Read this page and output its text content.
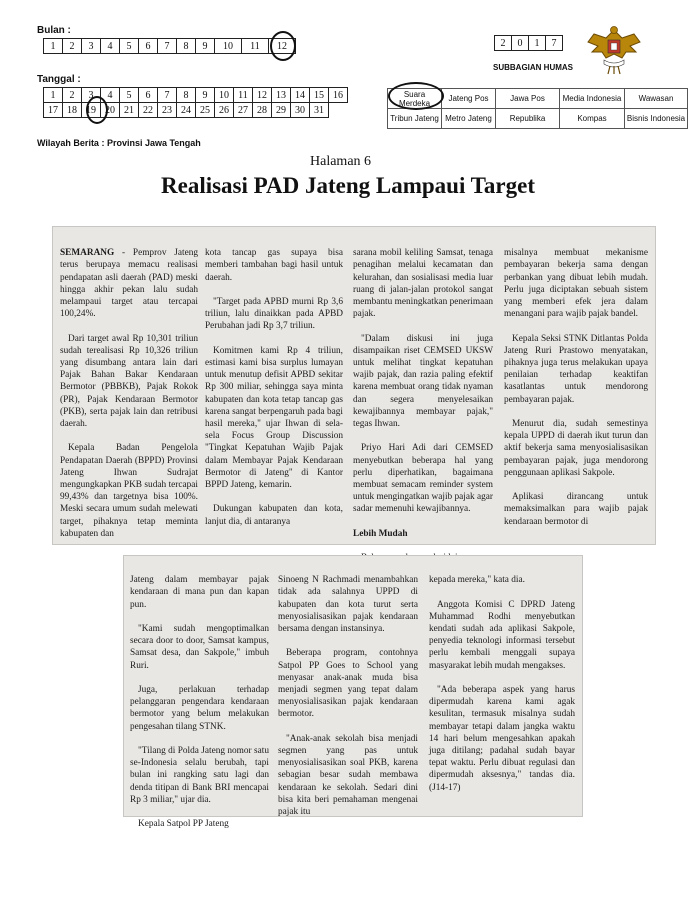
Bulan :
1	2	3	4	5	6	7	8	9	10	11	12
Tanggal :
1	2	3	4	5	6	7	8	9	10	11	12	13	14	15	16
17	18	19	20	21	22	23	24	25	26	27	28	29	30	31	
2	0	1	7
SUBBAGIAN HUMAS
Suara Merdeka	Jateng Pos	Jawa Pos	Media Indonesia	Wawasan
Tribun Jateng	Metro Jateng	Republika	Kompas	Bisnis Indonesia
Wilayah Berita : Provinsi Jawa Tengah
Halaman 6
Realisasi PAD Jateng Lampaui Target

SEMARANG - Pemprov Jateng terus berupaya memacu realisasi pendapatan asli daerah (PAD) meski hingga akhir pekan lalu sudah melampaui target atau tercapai 100,24%.

Dari target awal Rp 10,301 triliun sudah terealisasi Rp 10,326 triliun yang disumbang antara lain dari Pajak Bahan Bakar Kendaraan Bermotor (PBBKB), Pajak Rokok (PR), Pajak Kendaraan Bermotor (PKB), serta pajak lain dan retribusi daerah.

Kepala Badan Pengelola Pendapatan Daerah (BPPD) Provinsi Jateng Ihwan Sudrajat mengungkapkan PKB sudah tercapai 99,43% dan targetnya bisa 100%. Meski secara umum sudah melewati target, pihaknya tetap meminta kabupaten dan

kota tancap gas supaya bisa memberi tambahan bagi hasil untuk daerah.

"Target pada APBD murni Rp 3,6 triliun, lalu dinaikkan pada APBD Perubahan jadi Rp 3,7 triliun.

Komitmen kami Rp 4 triliun, estimasi kami bisa surplus lumayan untuk menutup defisit APBD sekitar Rp 300 miliar, sehingga saya minta kabupaten dan kota tetap tancap gas karena sangat berpengaruh pada bagi hasil mereka," ujar Ihwan di sela-sela Focus Group Discussion "Tingkat Kepatuhan Wajib Pajak dalam Membayar Pajak Kendaraan Bermotor di Jateng" di Kantor BPPD Jateng, kemarin.

Dukungan kabupaten dan kota, lanjut dia, di antaranya

sarana mobil keliling Samsat, tenaga penagihan melalui kecamatan dan kelurahan, dan sosialisasi media luar ruang di jalan-jalan protokol sangat membantu meningkatkan penerimaan pajak.

"Dalam diskusi ini juga disampaikan riset CEMSED UKSW untuk melihat tingkat kepatuhan wajib pajak, dan razia paling efektif karena membuat orang tidak nyaman dan segera menyelesaikan kewajibannya membayar pajak," tegas Ihwan.

Priyo Hari Adi dari CEMSED menyebutkan beberapa hal yang perlu diperhatikan, bagaimana membuat semacam reminder system untuk mengingatkan wajib pajak agar sadar memenuhi kewajibannya.

Lebih Mudah

misalnya membuat mekanisme pembayaran bekerja sama dengan perbankan yang dibuat lebih mudah. Perlu juga diciptakan sebuah sistem yang memberi efek jera dalam menangani para wajib pajak bandel.

Kepala Seksi STNK Ditlantas Polda Jateng Ruri Prastowo menyatakan, pihaknya juga terus melakukan upaya penilaian terhadap keaktifan kasatlantas untuk mendorong pembayaran pajak.

Menurut dia, sudah semestinya kepala UPPD di daerah ikut turun dan aktif bekerja sama menyosialisasikan pembayaran pajak, juga mendorong penggunaan aplikasi Sakpole.

Aplikasi dirancang untuk memaksimalkan para wajib pajak kendaraan bermotor di

Jateng dalam membayar pajak kendaraan di mana pun dan kapan pun.

"Kami sudah mengoptimalkan secara door to door, Samsat kampus, Samsat desa, dan Sakpole," imbuh Ruri.

Juga, perlakuan terhadap pelanggaran pengendara kendaraan bermotor yang belum melakukan pengesahan tilang STNK.

"Tilang di Polda Jateng nomor satu se-Indonesia selalu berubah, tapi bulan ini rangking satu lagi dan denda titipan di Bank BRI mencapai Rp 3 miliar," ujar dia.

Kepala Satpol PP Jateng

Sinoeng N Rachmadi menambahkan tidak ada salahnya UPPD di kabupaten dan kota turut serta menyosialisasikan pajak kendaraan bersama dengan instansinya.

Beberapa program, contohnya Satpol PP Goes to School yang menyasar anak-anak muda bisa menjadi segmen yang tepat dalam menyosialisasikan pajak kendaraan bermotor.

"Anak-anak sekolah bisa menjadi segmen yang pas untuk menyosialisasikan soal PKB, karena sebagian besar sudah membawa kendaraan ke sekolah. Sedari dini bisa kita beri pemahaman mengenai pajak itu

kepada mereka," kata dia.

Anggota Komisi C DPRD Jateng Muhammad Rodhi menyebutkan kendati sudah ada aplikasi Sakpole, penyedia teknologi informasi tersebut perlu kembali menggali supaya masyarakat lebih mudah mengakses.

"Ada beberapa aspek yang harus dipermudah karena kami agak kesulitan, termasuk misalnya sudah membayar tetapi dalam jangka waktu 14 hari belum mengesahkan apakah juga ditilang; padahal sudah bayar tepat waktu. Perlu dibuat regulasi dan dipermudah aksesnya," tandas dia. (J14-17)
